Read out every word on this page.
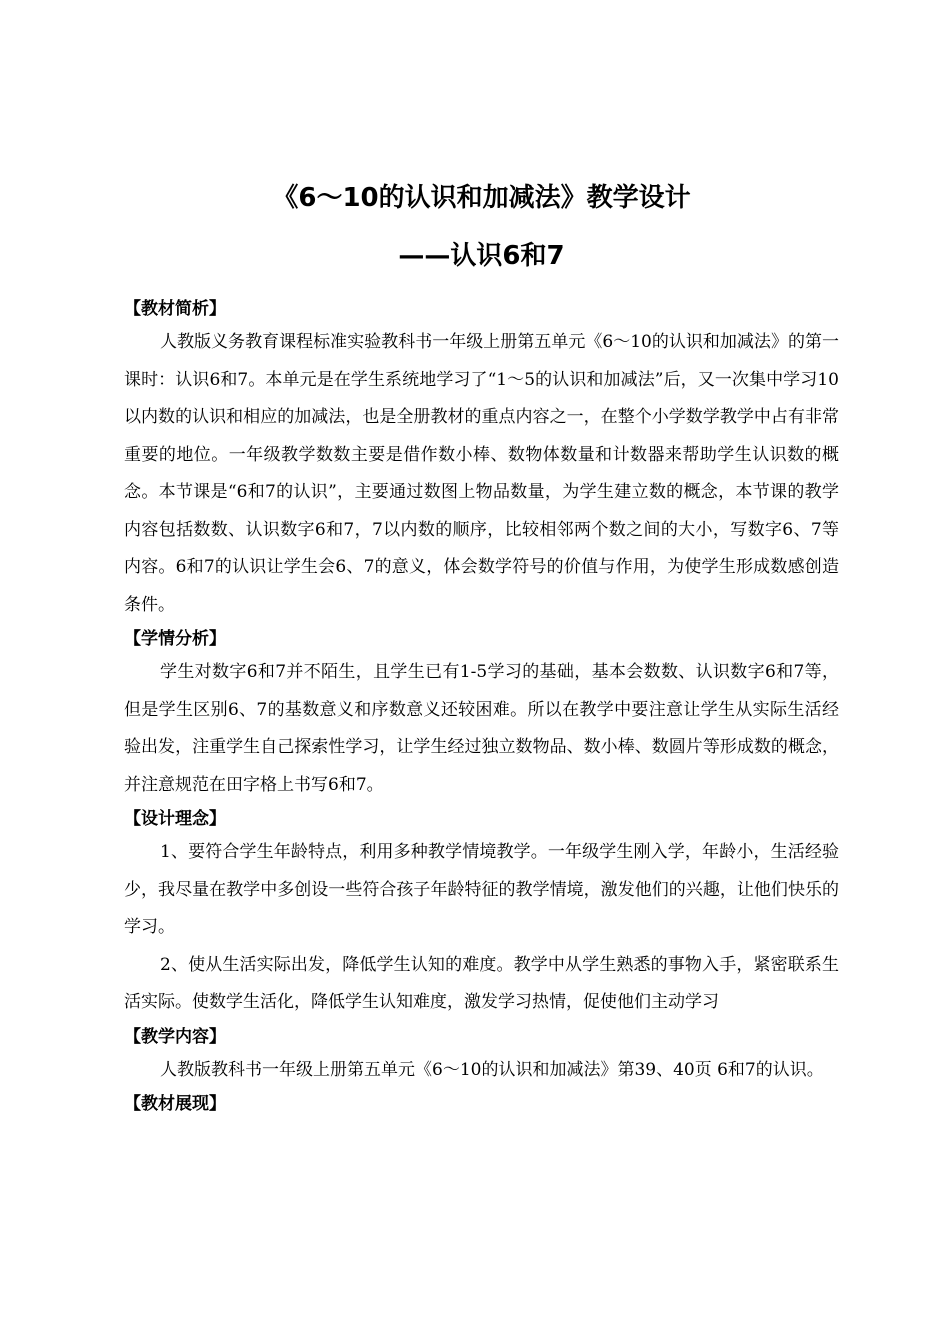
《6～10的认识和加减法》教学设计
——认识6和7
【教材简析】

人教版义务教育课程标准实验教科书一年级上册第五单元《6～10的认识和加减法》的第一课时：认识6和7。本单元是在学生系统地学习了“1～5的认识和加减法”后，又一次集中学习10以内数的认识和相应的加减法，也是全册教材的重点内容之一，在整个小学数学教学中占有非常重要的地位。一年级教学数数主要是借作数小棒、数物体数量和计数器来帮助学生认识数的概念。本节课是“6和7的认识”，主要通过数图上物品数量，为学生建立数的概念，本节课的教学内容包括数数、认识数字6和7，7以内数的顺序，比较相邻两个数之间的大小，写数字6、7等内容。6和7的认识让学生会6、7的意义，体会数学符号的价值与作用，为使学生形成数感创造条件。

【学情分析】

学生对数字6和7并不陌生，且学生已有1-5学习的基础，基本会数数、认识数字6和7等，但是学生区别6、7的基数意义和序数意义还较困难。所以在教学中要注意让学生从实际生活经验出发，注重学生自己探索性学习，让学生经过独立数物品、数小棒、数圆片等形成数的概念，并注意规范在田字格上书写6和7。

【设计理念】

1、要符合学生年龄特点，利用多种教学情境教学。一年级学生刚入学，年龄小，生活经验少，我尽量在教学中多创设一些符合孩子年龄特征的教学情境，激发他们的兴趣，让他们快乐的学习。

2、使从生活实际出发，降低学生认知的难度。教学中从学生熟悉的事物入手，紧密联系生活实际。使数学生活化，降低学生认知难度，激发学习热情，促使他们主动学习

【教学内容】

人教版教科书一年级上册第五单元《6～10的认识和加减法》第39、40页 6和7的认识。

【教材展现】
